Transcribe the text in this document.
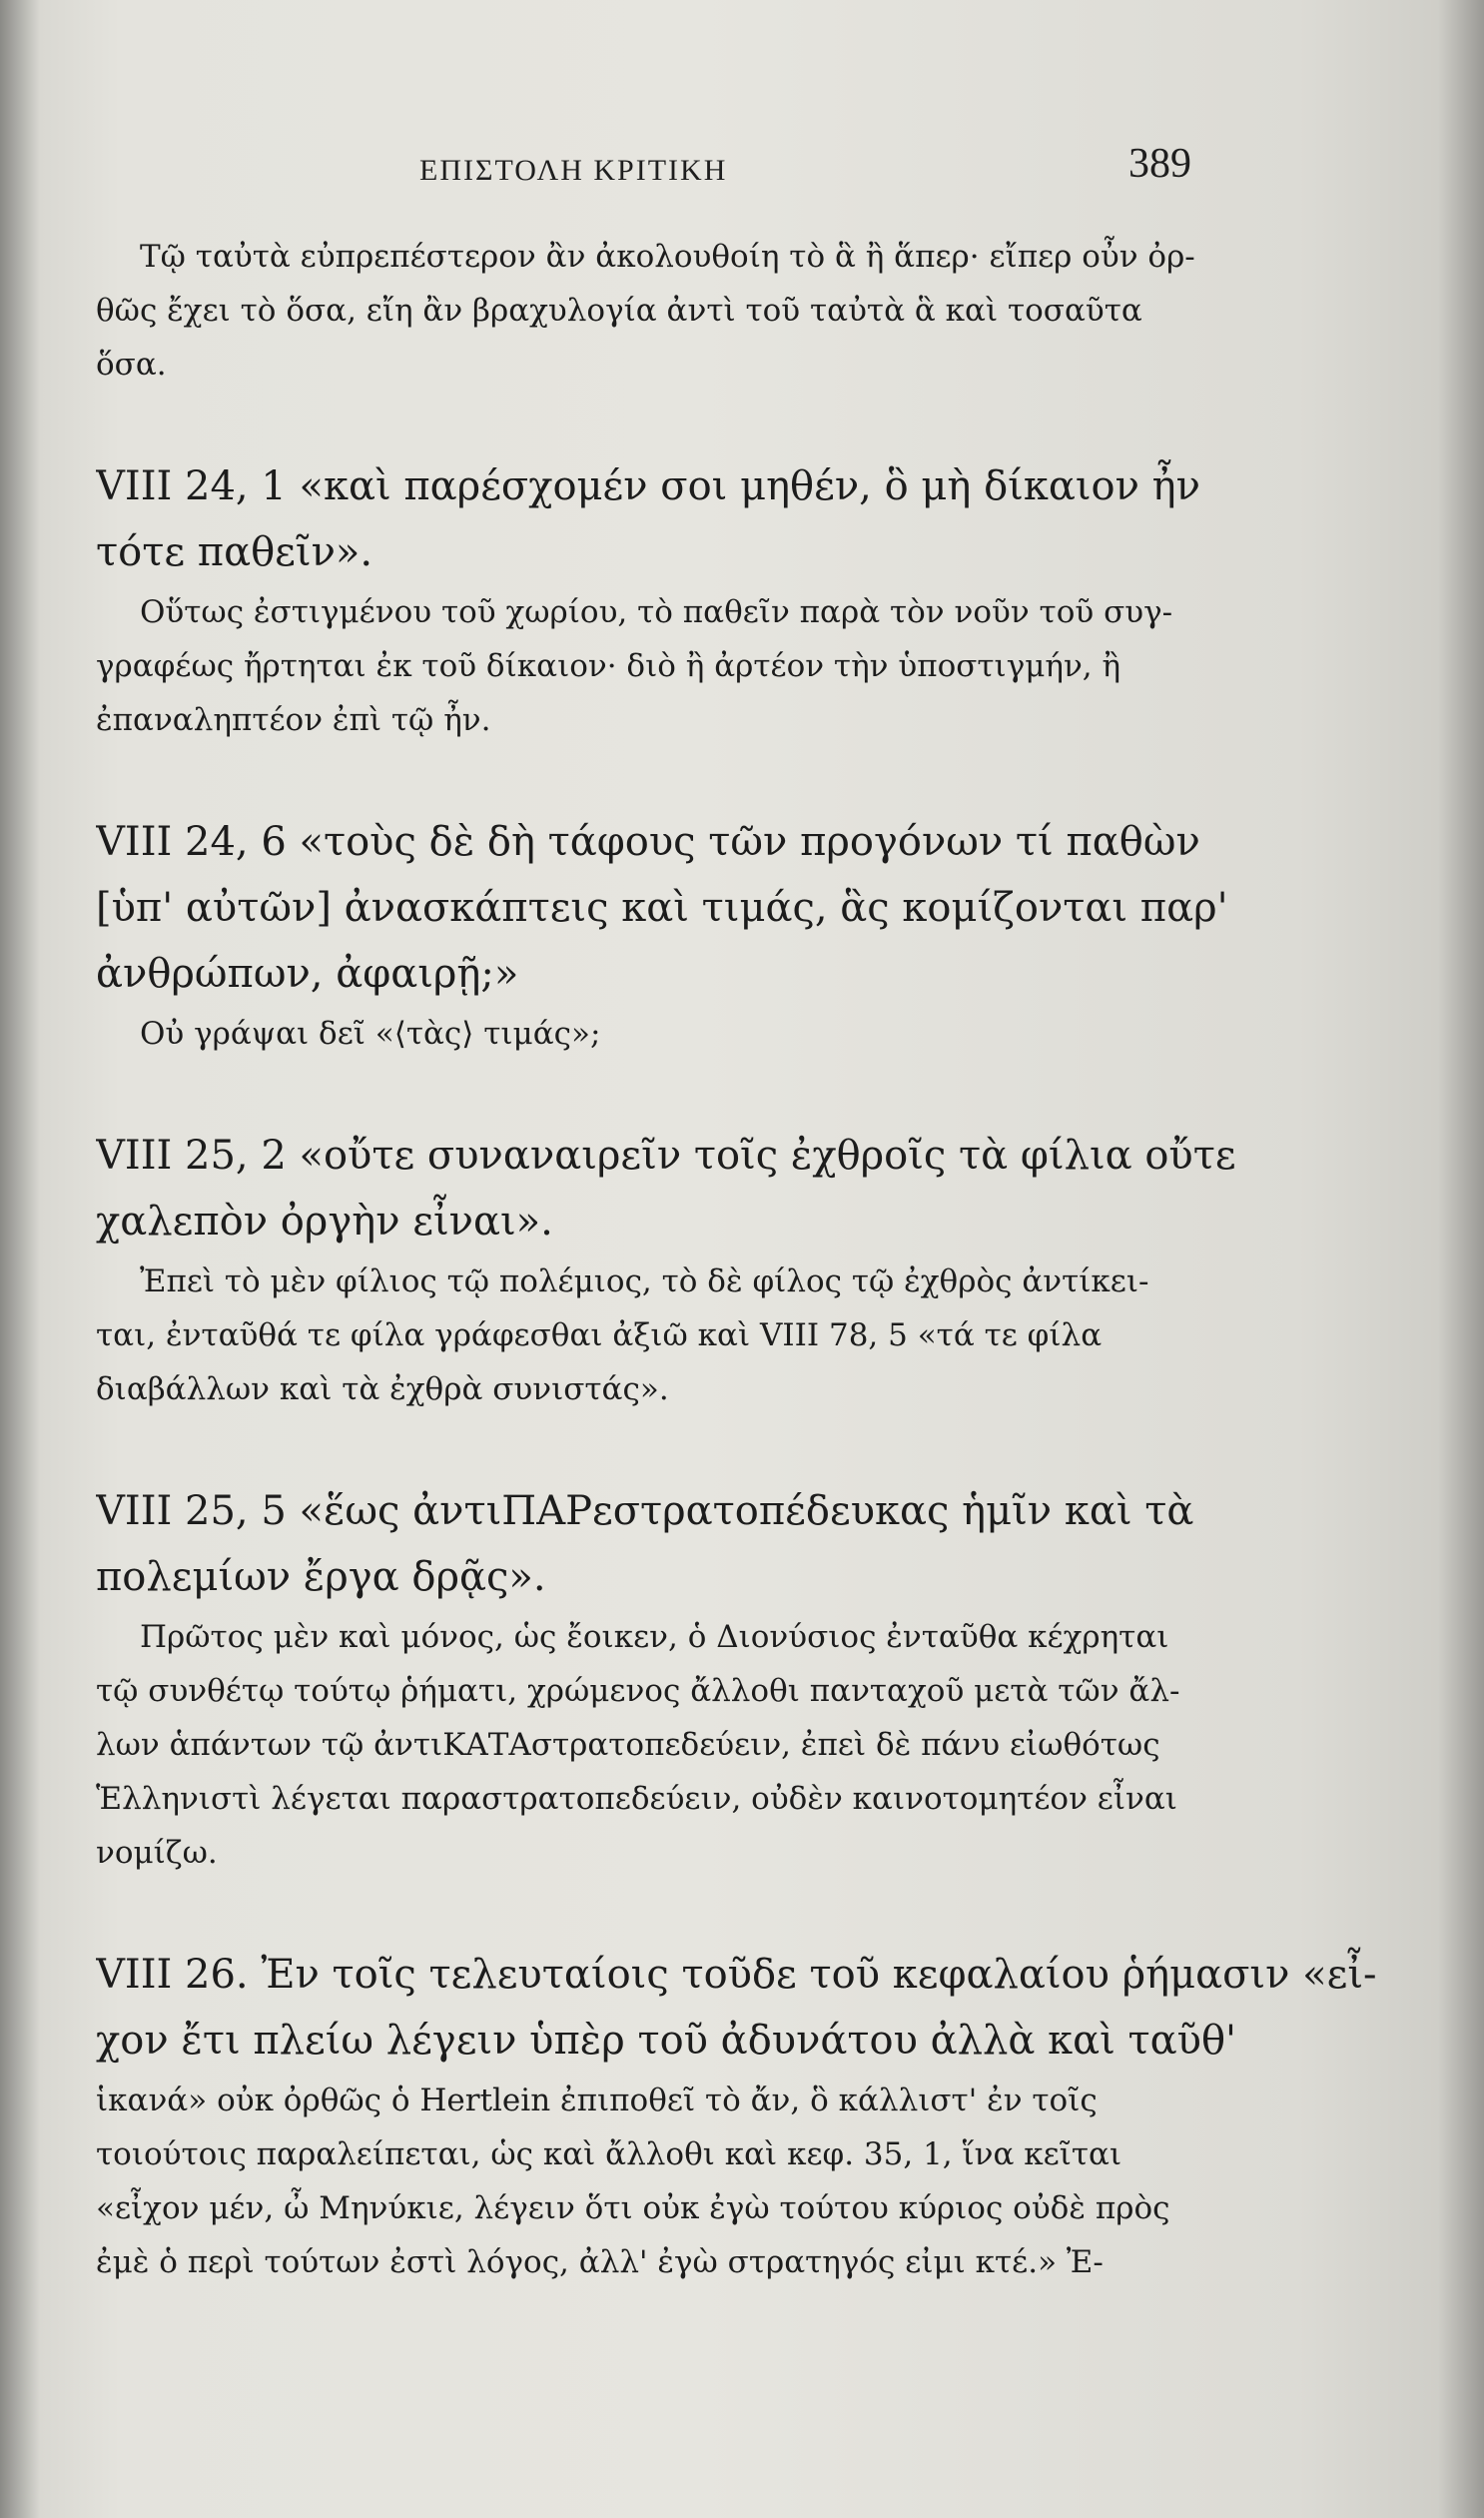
ΕΠΙΣΤΟΛΗ ΚΡΙΤΙΚΗ	389
Τῷ ταὐτὰ εὐπρεπέστερον ἂν ἀκολουθοίη τὸ ἃ ἢ ἅπερ· εἴπερ οὖν ὀρ-
θῶς ἔχει τὸ ὅσα, εἴη ἂν βραχυλογία ἀντὶ τοῦ ταὐτὰ ἃ καὶ τοσαῦτα
ὅσα.
VIII 24, 1 «καὶ παρέσχομέν σοι μηθέν, ὃ μὴ δίκαιον ἦν
τότε παθεῖν».
Οὕτως ἐστιγμένου τοῦ χωρίου, τὸ παθεῖν παρὰ τὸν νοῦν τοῦ συγ-
γραφέως ἤρτηται ἐκ τοῦ δίκαιον· διὸ ἢ ἀρτέον τὴν ὑποστιγμήν, ἢ
ἐπαναληπτέον ἐπὶ τῷ ἦν.
VIII 24, 6 «τοὺς δὲ δὴ τάφους τῶν προγόνων τί παθὼν
[ὑπ' αὐτῶν] ἀνασκάπτεις καὶ τιμάς, ἃς κομίζονται παρ'
ἀνθρώπων, ἀφαιρῇ;»
Οὐ γράψαι δεῖ «⟨τὰς⟩ τιμάς»;
VIII 25, 2 «οὔτε συναναιρεῖν τοῖς ἐχθροῖς τὰ φίλια οὔτε
χαλεπὸν ὀργὴν εἶναι».
Ἐπεὶ τὸ μὲν φίλιος τῷ πολέμιος, τὸ δὲ φίλος τῷ ἐχθρὸς ἀντίκει-
ται, ἐνταῦθά τε φίλα γράφεσθαι ἀξιῶ καὶ VIII 78, 5 «τά τε φίλα
διαβάλλων καὶ τὰ ἐχθρὰ συνιστάς».
VIII 25, 5 «ἕως ἀντιΠΑΡεστρατοπέδευκας ἡμῖν καὶ τὰ
πολεμίων ἔργα δρᾷς».
Πρῶτος μὲν καὶ μόνος, ὡς ἔοικεν, ὁ Διονύσιος ἐνταῦθα κέχρηται
τῷ συνθέτῳ τούτῳ ῥήματι, χρώμενος ἄλλοθι πανταχοῦ μετὰ τῶν ἄλ-
λων ἁπάντων τῷ ἀντιΚΑΤΑστρατοπεδεύειν, ἐπεὶ δὲ πάνυ εἰωθότως
Ἑλληνιστὶ λέγεται παραστρατοπεδεύειν, οὐδὲν καινοτομητέον εἶναι
νομίζω.
VIII 26. Ἐν τοῖς τελευταίοις τοῦδε τοῦ κεφαλαίου ῥήμασιν «εἶ-
χον ἔτι πλείω λέγειν ὑπὲρ τοῦ ἀδυνάτου ἀλλὰ καὶ ταῦθ'
ἱκανά» οὐκ ὀρθῶς ὁ Hertlein ἐπιποθεῖ τὸ ἄν, ὃ κάλλιστ' ἐν τοῖς
τοιούτοις παραλείπεται, ὡς καὶ ἄλλοθι καὶ κεφ. 35, 1, ἵνα κεῖται
«εἶχον μέν, ὦ Μηνύκιε, λέγειν ὅτι οὐκ ἐγὼ τούτου κύριος οὐδὲ πρὸς
ἐμὲ ὁ περὶ τούτων ἐστὶ λόγος, ἀλλ' ἐγὼ στρατηγός εἰμι κτέ.» Ἐ-
